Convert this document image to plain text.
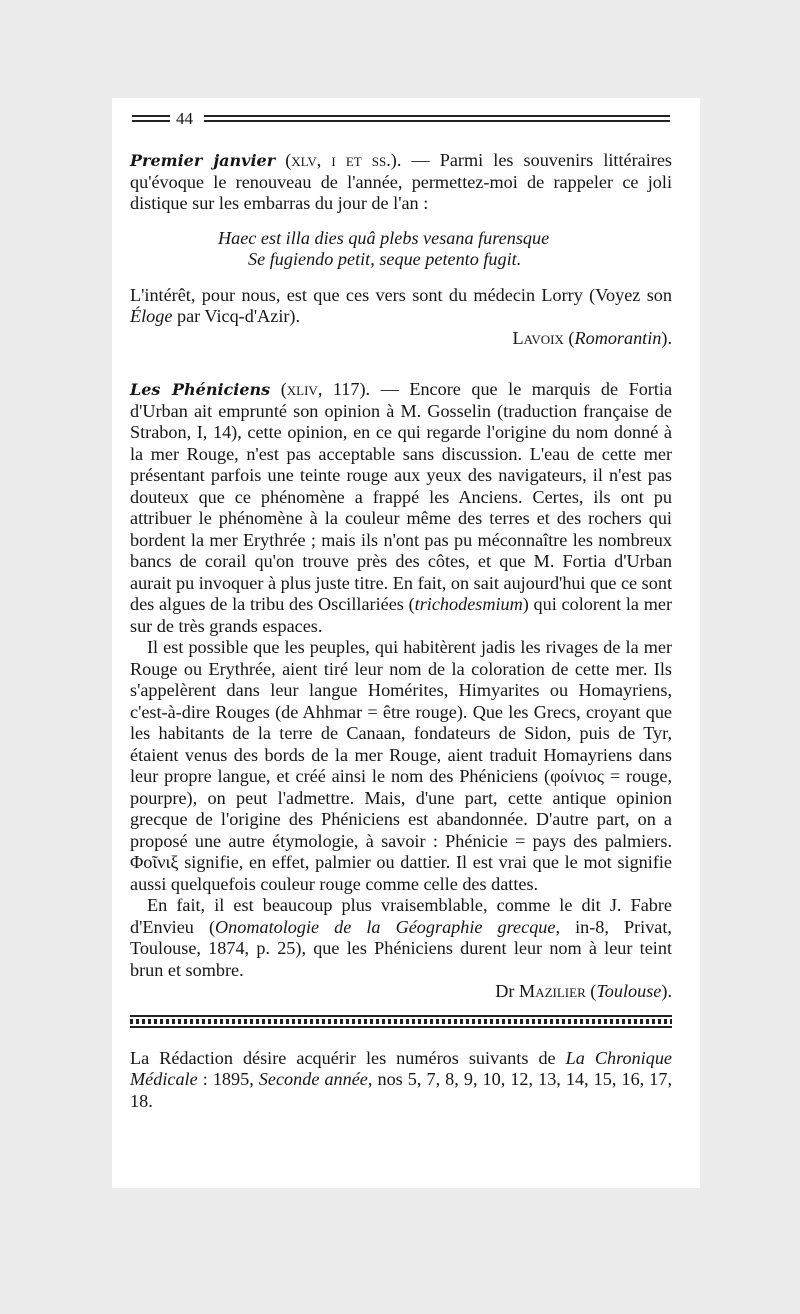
44

Premier janvier (xlv, i et ss.). — Parmi les souvenirs littéraires qu'évoque le renouveau de l'année, permettez-moi de rappeler ce joli distique sur les embarras du jour de l'an :

Haec est illa dies quâ plebs vesana furensque
Se fugiendo petit, seque petento fugit.

L'intérêt, pour nous, est que ces vers sont du médecin Lorry (Voyez son Éloge par Vicq-d'Azir).

Lavoix (Romorantin).

Les Phéniciens (xliv, 117). — Encore que le marquis de Fortia d'Urban ait emprunté son opinion à M. Gosselin (traduction française de Strabon, I, 14), cette opinion, en ce qui regarde l'origine du nom donné à la mer Rouge, n'est pas acceptable sans discussion. L'eau de cette mer présentant parfois une teinte rouge aux yeux des navigateurs, il n'est pas douteux que ce phénomène a frappé les Anciens. Certes, ils ont pu attribuer le phénomène à la couleur même des terres et des rochers qui bordent la mer Erythrée ; mais ils n'ont pas pu méconnaître les nombreux bancs de corail qu'on trouve près des côtes, et que M. Fortia d'Urban aurait pu invoquer à plus juste titre. En fait, on sait aujourd'hui que ce sont des algues de la tribu des Oscillariées (trichodesmium) qui colorent la mer sur de très grands espaces.

Il est possible que les peuples, qui habitèrent jadis les rivages de la mer Rouge ou Erythrée, aient tiré leur nom de la coloration de cette mer. Ils s'appelèrent dans leur langue Homérites, Himyarites ou Homayriens, c'est-à-dire Rouges (de Ahhmar = être rouge). Que les Grecs, croyant que les habitants de la terre de Canaan, fondateurs de Sidon, puis de Tyr, étaient venus des bords de la mer Rouge, aient traduit Homayriens dans leur propre langue, et créé ainsi le nom des Phéniciens (φοίνιος = rouge, pourpre), on peut l'admettre. Mais, d'une part, cette antique opinion grecque de l'origine des Phéniciens est abandonnée. D'autre part, on a proposé une autre étymologie, à savoir : Phénicie = pays des palmiers. Φοῖνιξ signifie, en effet, palmier ou dattier. Il est vrai que le mot signifie aussi quelquefois couleur rouge comme celle des dattes.

En fait, il est beaucoup plus vraisemblable, comme le dit J. Fabre d'Envieu (Onomatologie de la Géographie grecque, in-8, Privat, Toulouse, 1874, p. 25), que les Phéniciens durent leur nom à leur teint brun et sombre.

Dr Mazilier (Toulouse).

La Rédaction désire acquérir les numéros suivants de La Chronique Médicale : 1895, Seconde année, nos 5, 7, 8, 9, 10, 12, 13, 14, 15, 16, 17, 18.
